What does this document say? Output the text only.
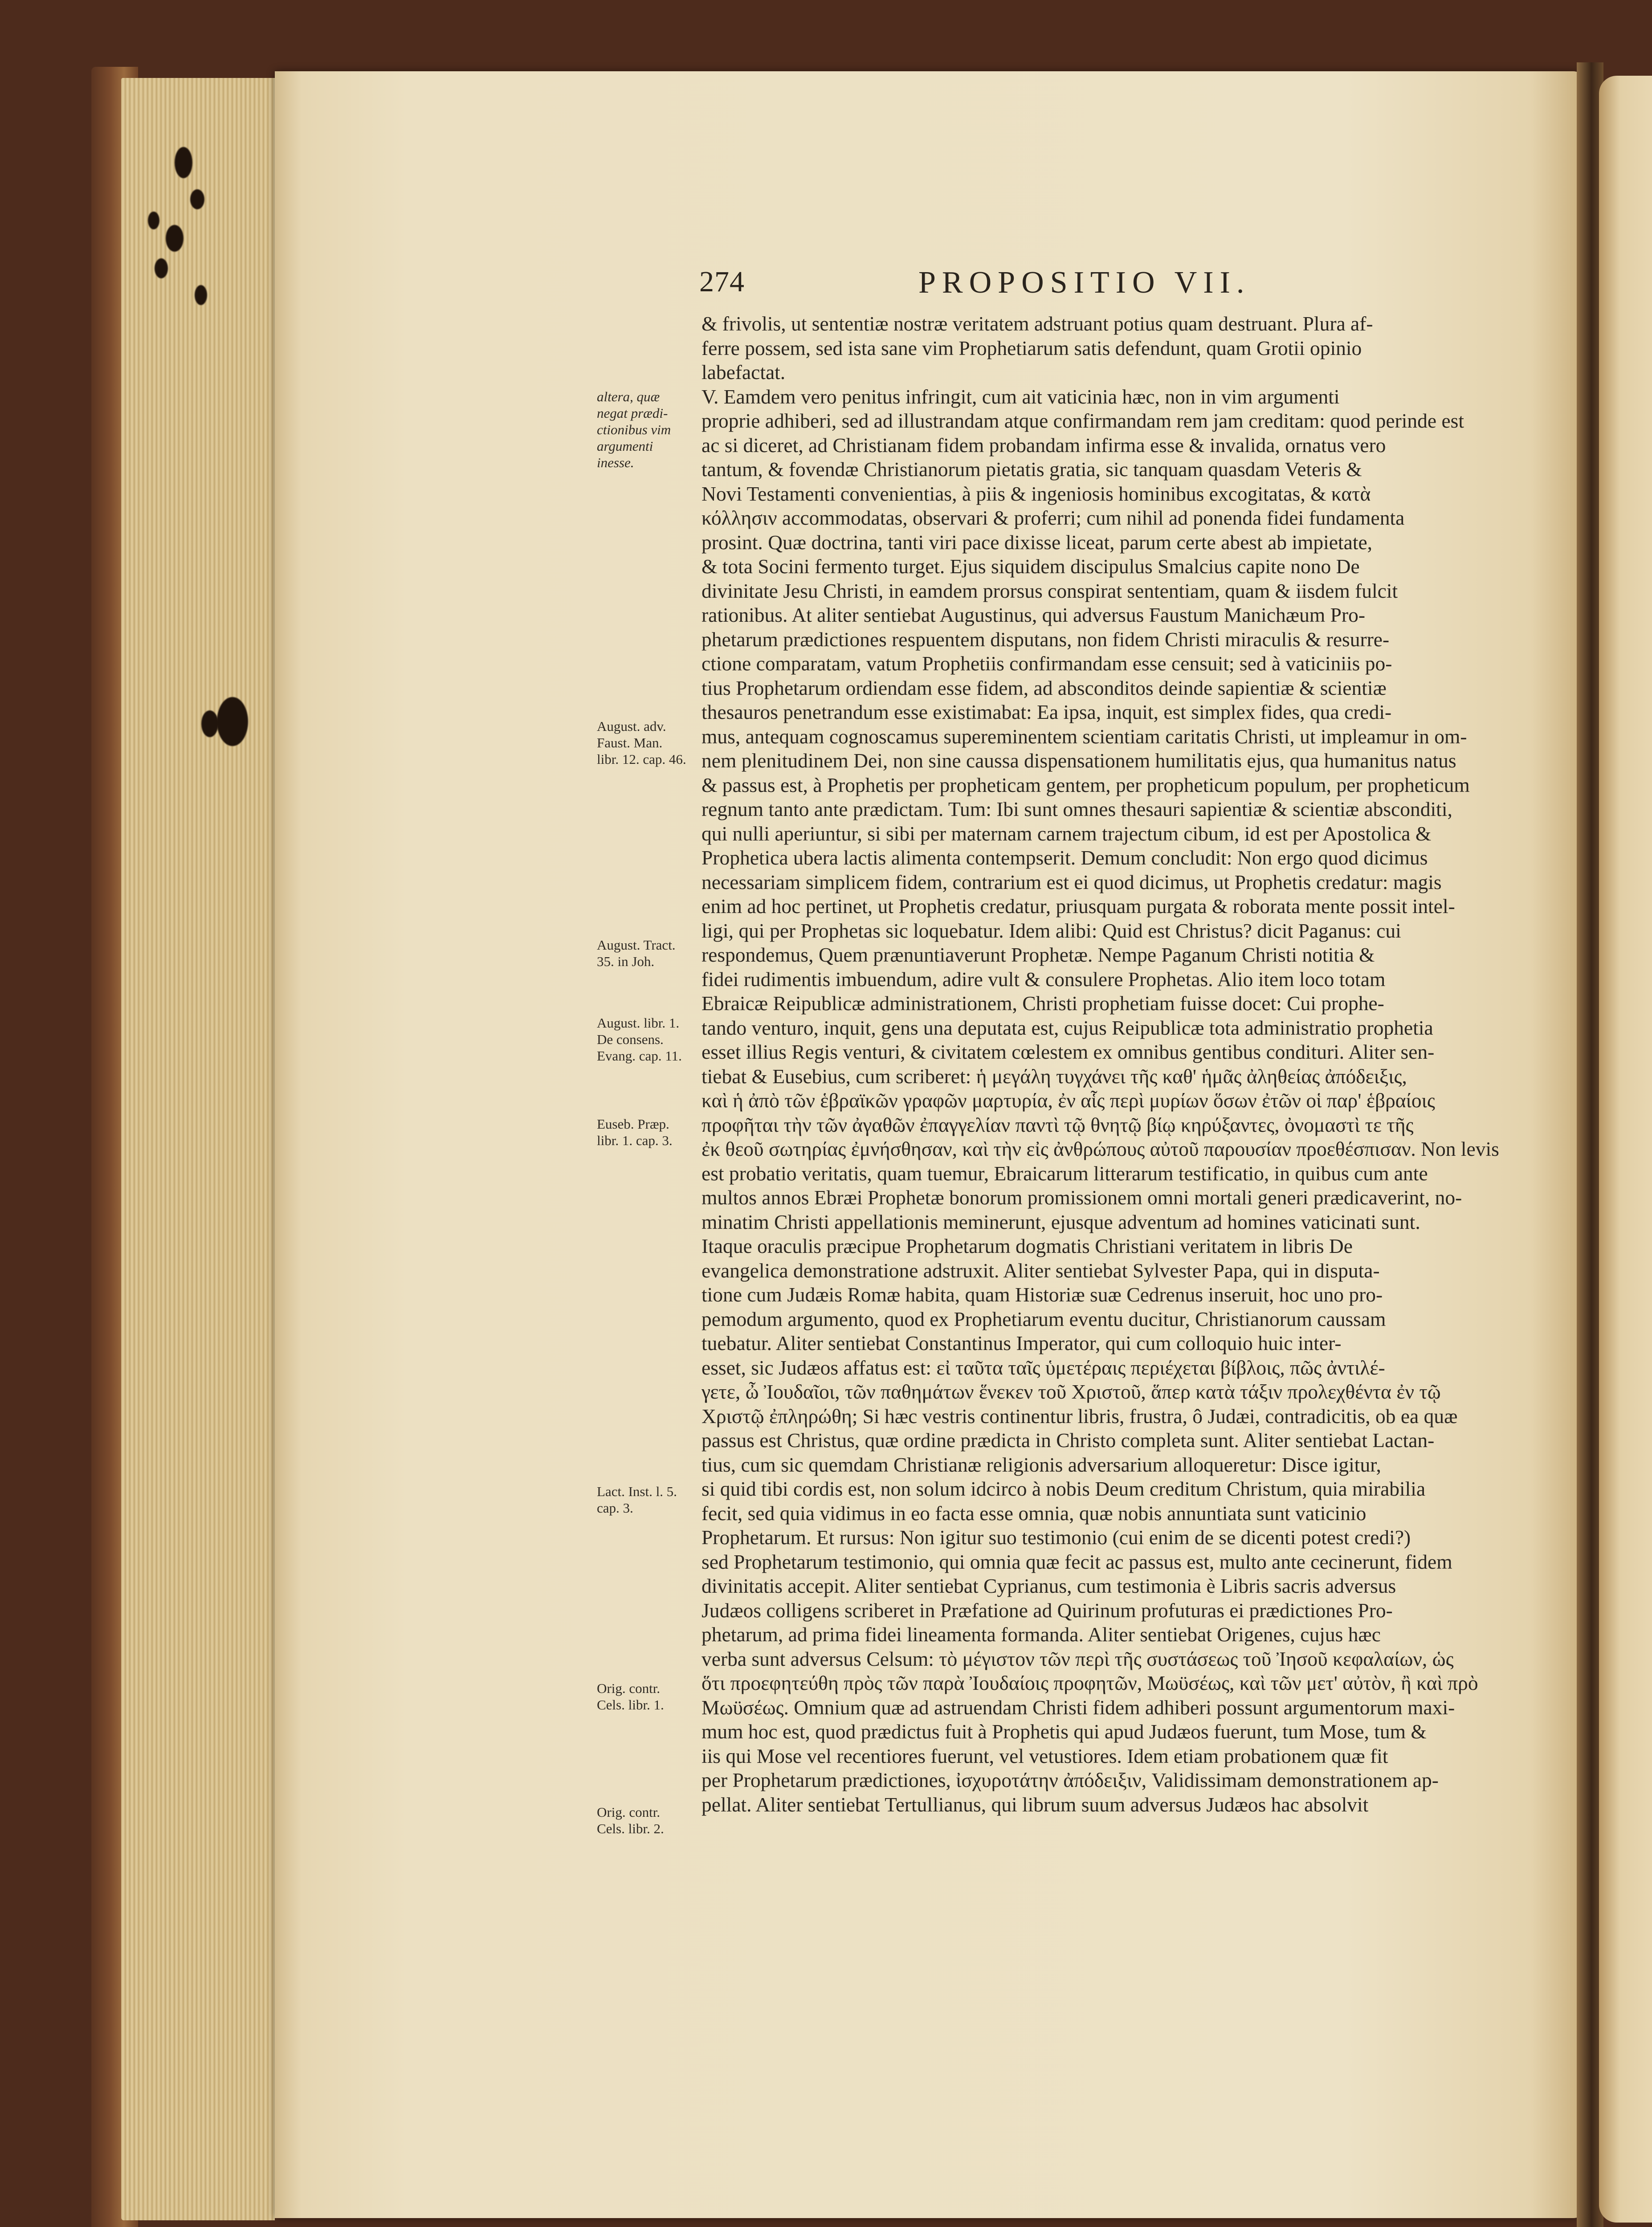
274	PROPOSITIO VII.
altera, quæ
negat prædi-
ctionibus vim
argumenti
inesse.
August. adv.
Faust. Man.
libr. 12. cap. 46.
August. Tract.
35. in Joh.
August. libr. 1.
De consens.
Evang. cap. 11.
Euseb. Præp.
libr. 1. cap. 3.
Lact. Inst. l. 5.
cap. 3.
Orig. contr.
Cels. libr. 1.
Orig. contr.
Cels. libr. 2.
& frivolis, ut sententiæ nostræ veritatem adstruant potius quam destruant. Plura af-
ferre possem, sed ista sane vim Prophetiarum satis defendunt, quam Grotii opinio
labefactat.
V. Eamdem vero penitus infringit, cum ait vaticinia hæc, non in vim argumenti
proprie adhiberi, sed ad illustrandam atque confirmandam rem jam creditam: quod perinde est
ac si diceret, ad Christianam fidem probandam infirma esse & invalida, ornatus vero
tantum, & fovendæ Christianorum pietatis gratia, sic tanquam quasdam Veteris &
Novi Testamenti convenientias, à piis & ingeniosis hominibus excogitatas, & κατὰ
κόλλησιν accommodatas, observari & proferri; cum nihil ad ponenda fidei fundamenta
prosint. Quæ doctrina, tanti viri pace dixisse liceat, parum certe abest ab impietate,
& tota Socini fermento turget. Ejus siquidem discipulus Smalcius capite nono De
divinitate Jesu Christi, in eamdem prorsus conspirat sententiam, quam & iisdem fulcit
rationibus. At aliter sentiebat Augustinus, qui adversus Faustum Manichæum Pro-
phetarum prædictiones respuentem disputans, non fidem Christi miraculis & resurre-
ctione comparatam, vatum Prophetiis confirmandam esse censuit; sed à vaticiniis po-
tius Prophetarum ordiendam esse fidem, ad absconditos deinde sapientiæ & scientiæ
thesauros penetrandum esse existimabat: Ea ipsa, inquit, est simplex fides, qua credi-
mus, antequam cognoscamus supereminentem scientiam caritatis Christi, ut impleamur in om-
nem plenitudinem Dei, non sine caussa dispensationem humilitatis ejus, qua humanitus natus
& passus est, à Prophetis per propheticam gentem, per propheticum populum, per propheticum
regnum tanto ante prædictam. Tum: Ibi sunt omnes thesauri sapientiæ & scientiæ absconditi,
qui nulli aperiuntur, si sibi per maternam carnem trajectum cibum, id est per Apostolica &
Prophetica ubera lactis alimenta contempserit. Demum concludit: Non ergo quod dicimus
necessariam simplicem fidem, contrarium est ei quod dicimus, ut Prophetis credatur: magis
enim ad hoc pertinet, ut Prophetis credatur, priusquam purgata & roborata mente possit intel-
ligi, qui per Prophetas sic loquebatur. Idem alibi: Quid est Christus? dicit Paganus: cui
respondemus, Quem prænuntiaverunt Prophetæ. Nempe Paganum Christi notitia &
fidei rudimentis imbuendum, adire vult & consulere Prophetas. Alio item loco totam
Ebraicæ Reipublicæ administrationem, Christi prophetiam fuisse docet: Cui prophe-
tando venturo, inquit, gens una deputata est, cujus Reipublicæ tota administratio prophetia
esset illius Regis venturi, & civitatem cœlestem ex omnibus gentibus condituri. Aliter sen-
tiebat & Eusebius, cum scriberet: ἡ μεγάλη τυγχάνει τῆς καθ' ἡμᾶς ἀληθείας ἀπόδειξις,
καὶ ἡ ἀπὸ τῶν ἑβραϊκῶν γραφῶν μαρτυρία, ἐν αἷς περὶ μυρίων ὅσων ἐτῶν οἱ παρ' ἑβραίοις
προφῆται τὴν τῶν ἀγαθῶν ἐπαγγελίαν παντὶ τῷ θνητῷ βίῳ κηρύξαντες, ὀνομαστὶ τε τῆς
ἐκ θεοῦ σωτηρίας ἐμνήσθησαν, καὶ τὴν εἰς ἀνθρώπους αὐτοῦ παρουσίαν προεθέσπισαν. Non levis
est probatio veritatis, quam tuemur, Ebraicarum litterarum testificatio, in quibus cum ante
multos annos Ebræi Prophetæ bonorum promissionem omni mortali generi prædicaverint, no-
minatim Christi appellationis meminerunt, ejusque adventum ad homines vaticinati sunt.
Itaque oraculis præcipue Prophetarum dogmatis Christiani veritatem in libris De
evangelica demonstratione adstruxit. Aliter sentiebat Sylvester Papa, qui in disputa-
tione cum Judæis Romæ habita, quam Historiæ suæ Cedrenus inseruit, hoc uno pro-
pemodum argumento, quod ex Prophetiarum eventu ducitur, Christianorum caussam
tuebatur. Aliter sentiebat Constantinus Imperator, qui cum colloquio huic inter-
esset, sic Judæos affatus est: εἰ ταῦτα ταῖς ὑμετέραις περιέχεται βίβλοις, πῶς ἀντιλέ-
γετε, ὦ Ἰουδαῖοι, τῶν παθημάτων ἕνεκεν τοῦ Χριστοῦ, ἅπερ κατὰ τάξιν προλεχθέντα ἐν τῷ
Χριστῷ ἐπληρώθη; Si hæc vestris continentur libris, frustra, ô Judæi, contradicitis, ob ea quæ
passus est Christus, quæ ordine prædicta in Christo completa sunt. Aliter sentiebat Lactan-
tius, cum sic quemdam Christianæ religionis adversarium alloqueretur: Disce igitur,
si quid tibi cordis est, non solum idcirco à nobis Deum creditum Christum, quia mirabilia
fecit, sed quia vidimus in eo facta esse omnia, quæ nobis annuntiata sunt vaticinio
Prophetarum. Et rursus: Non igitur suo testimonio (cui enim de se dicenti potest credi?)
sed Prophetarum testimonio, qui omnia quæ fecit ac passus est, multo ante cecinerunt, fidem
divinitatis accepit. Aliter sentiebat Cyprianus, cum testimonia è Libris sacris adversus
Judæos colligens scriberet in Præfatione ad Quirinum profuturas ei prædictiones Pro-
phetarum, ad prima fidei lineamenta formanda. Aliter sentiebat Origenes, cujus hæc
verba sunt adversus Celsum: τὸ μέγιστον τῶν περὶ τῆς συστάσεως τοῦ Ἰησοῦ κεφαλαίων, ὡς
ὅτι προεφητεύθη πρὸς τῶν παρὰ Ἰουδαίοις προφητῶν, Μωϋσέως, καὶ τῶν μετ' αὐτὸν, ἢ καὶ πρὸ
Μωϋσέως. Omnium quæ ad astruendam Christi fidem adhiberi possunt argumentorum maxi-
mum hoc est, quod prædictus fuit à Prophetis qui apud Judæos fuerunt, tum Mose, tum &
iis qui Mose vel recentiores fuerunt, vel vetustiores. Idem etiam probationem quæ fit
per Prophetarum prædictiones, ἰσχυροτάτην ἀπόδειξιν, Validissimam demonstrationem ap-
pellat. Aliter sentiebat Tertullianus, qui librum suum adversus Judæos hac absolvit
